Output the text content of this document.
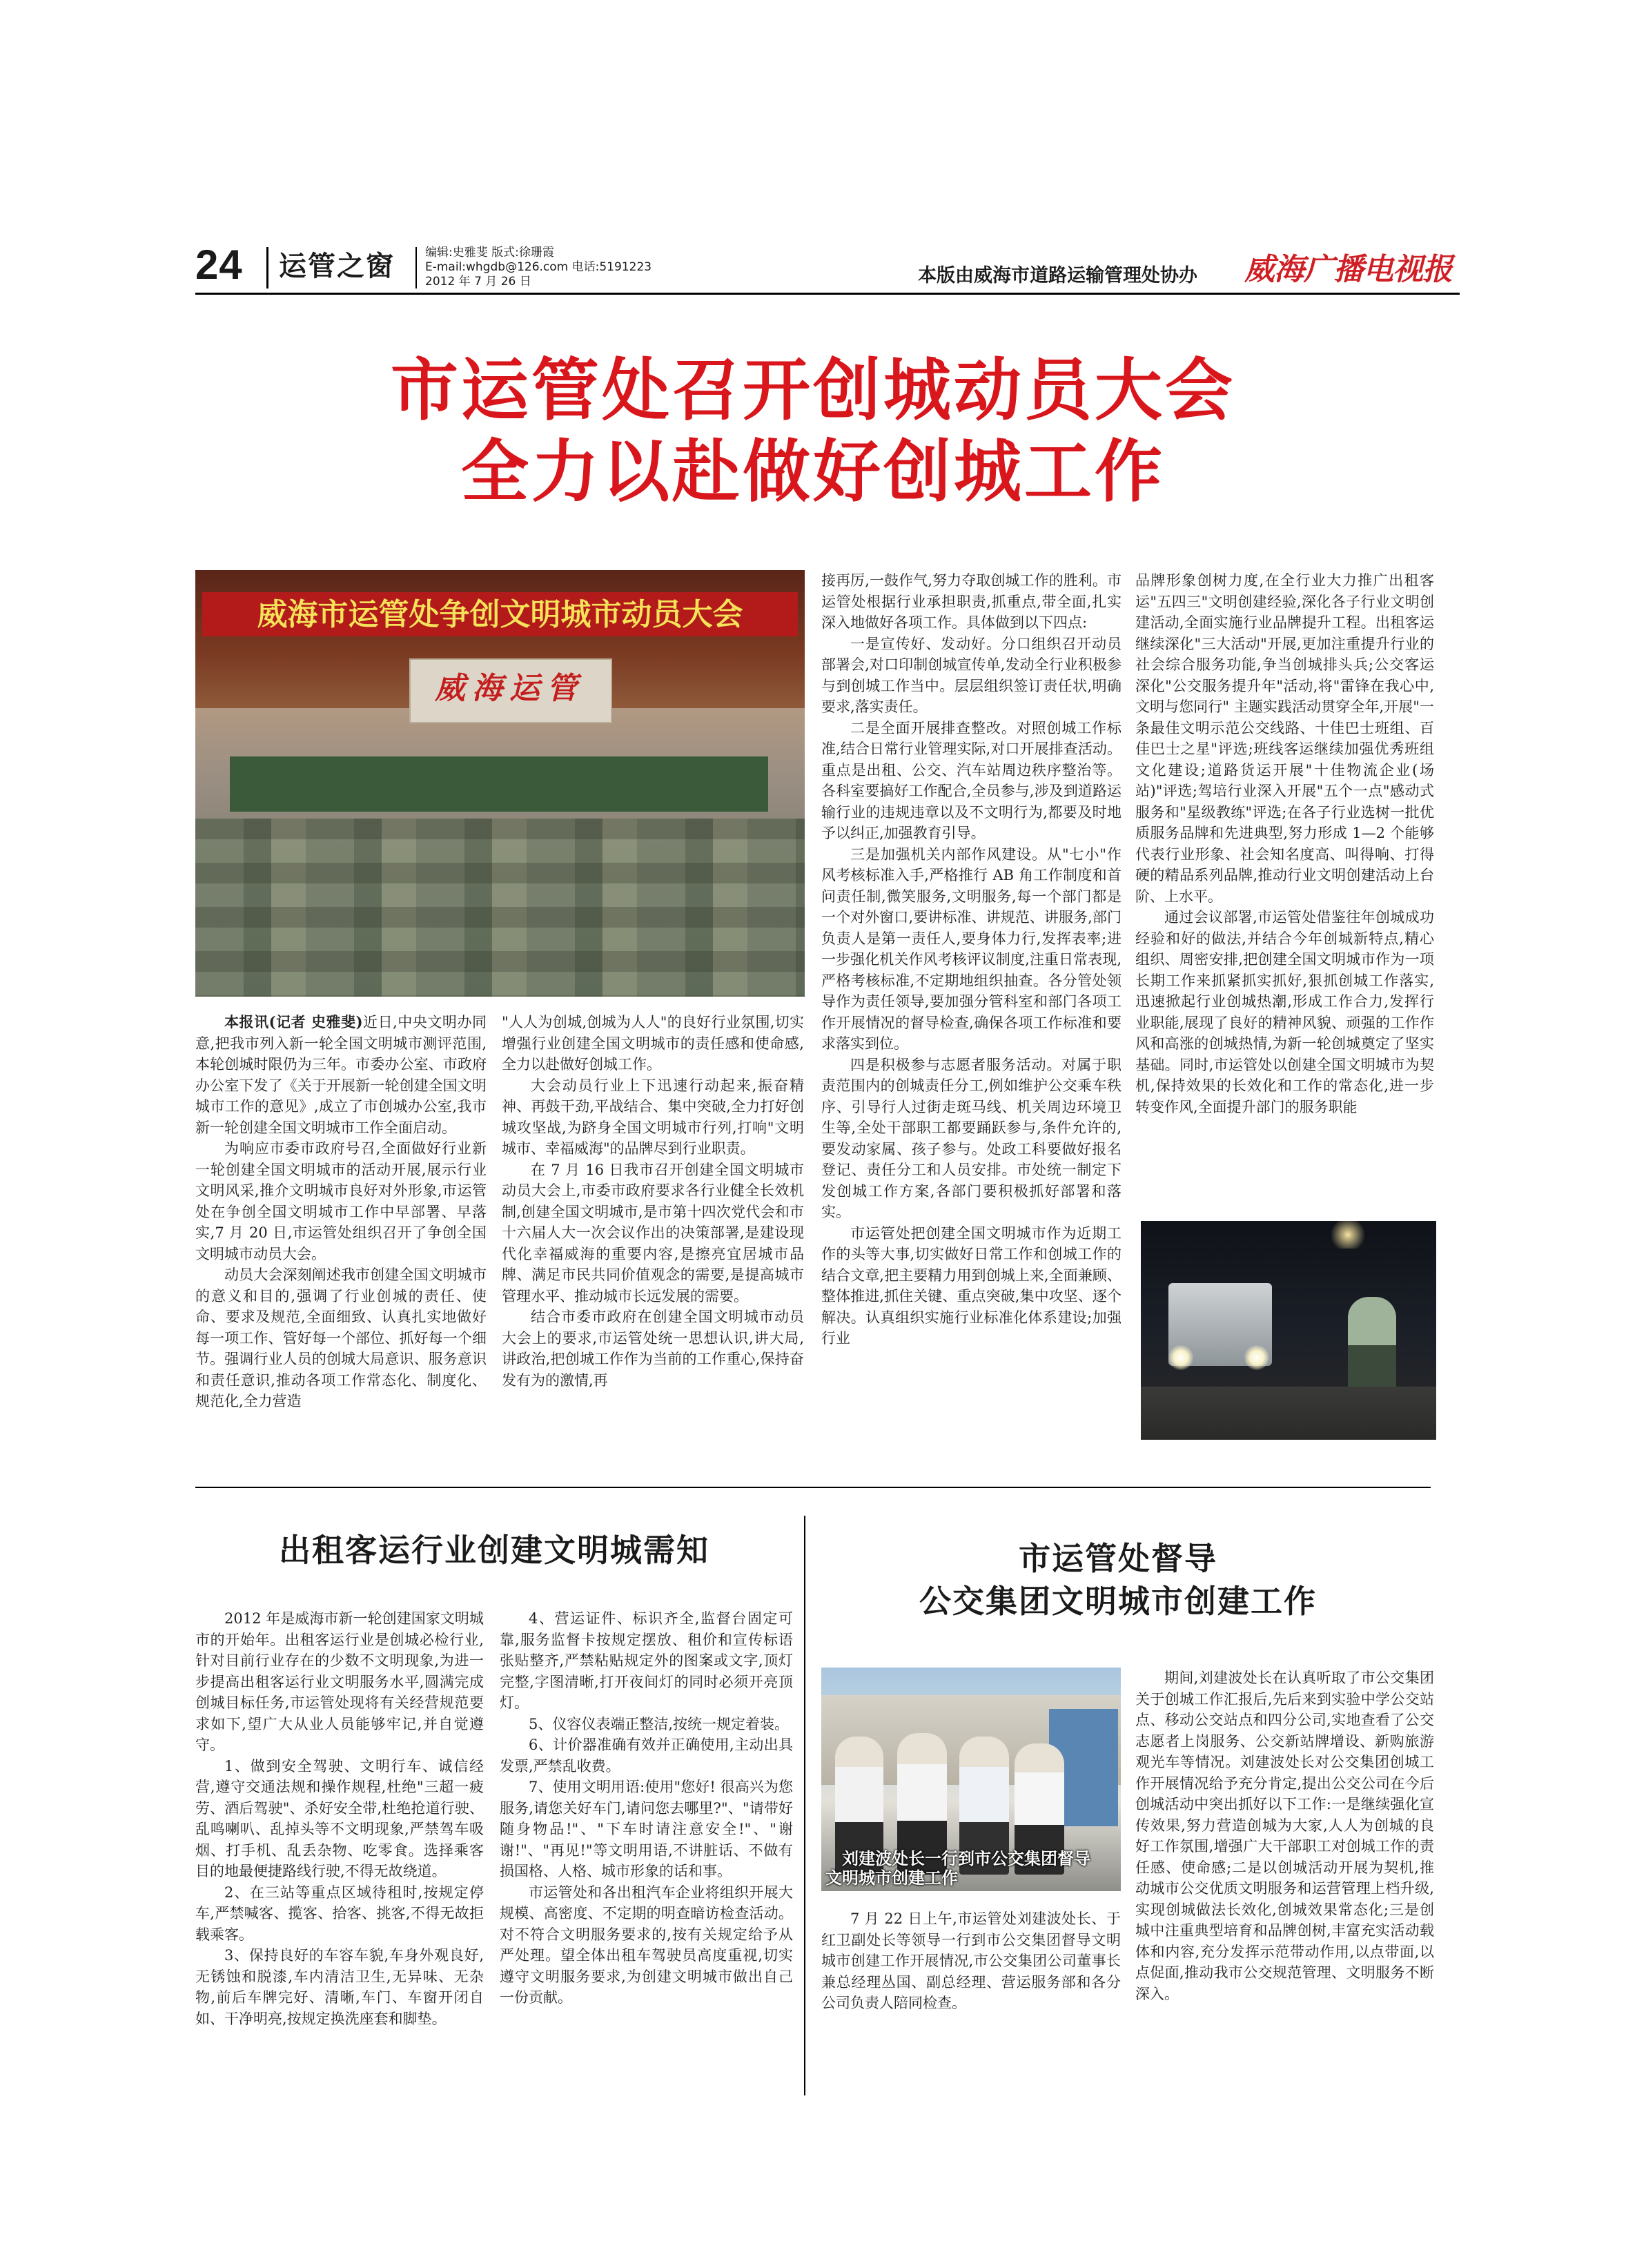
24 运管之窗	编辑:史雅斐 版式:徐珊霞
E-mail:whgdb@126.com 电话:5191223
2012 年 7 月 26 日	本版由威海市道路运输管理处协办 威海广播电视报
市运管处召开创城动员大会
全力以赴做好创城工作
威海市运管处争创文明城市动员大会
威海运管

本报讯(记者 史雅斐)近日,中央文明办同意,把我市列入新一轮全国文明城市测评范围,本轮创城时限仍为三年。市委办公室、市政府办公室下发了《关于开展新一轮创建全国文明城市工作的意见》,成立了市创城办公室,我市新一轮创建全国文明城市工作全面启动。

为响应市委市政府号召,全面做好行业新一轮创建全国文明城市的活动开展,展示行业文明风采,推介文明城市良好对外形象,市运管处在争创全国文明城市工作中早部署、早落实,7 月 20 日,市运管处组织召开了争创全国文明城市动员大会。

动员大会深刻阐述我市创建全国文明城市的意义和目的,强调了行业创城的责任、使命、要求及规范,全面细致、认真扎实地做好每一项工作、管好每一个部位、抓好每一个细节。强调行业人员的创城大局意识、服务意识和责任意识,推动各项工作常态化、制度化、规范化,全力营造

"人人为创城,创城为人人"的良好行业氛围,切实增强行业创建全国文明城市的责任感和使命感,全力以赴做好创城工作。

大会动员行业上下迅速行动起来,振奋精神、再鼓干劲,平战结合、集中突破,全力打好创城攻坚战,为跻身全国文明城市行列,打响"文明城市、幸福威海"的品牌尽到行业职责。

在 7 月 16 日我市召开创建全国文明城市动员大会上,市委市政府要求各行业健全长效机制,创建全国文明城市,是市第十四次党代会和市十六届人大一次会议作出的决策部署,是建设现代化幸福威海的重要内容,是擦亮宜居城市品牌、满足市民共同价值观念的需要,是提高城市管理水平、推动城市长远发展的需要。

结合市委市政府在创建全国文明城市动员大会上的要求,市运管处统一思想认识,讲大局,讲政治,把创城工作作为当前的工作重心,保持奋发有为的激情,再

接再厉,一鼓作气,努力夺取创城工作的胜利。市运管处根据行业承担职责,抓重点,带全面,扎实深入地做好各项工作。具体做到以下四点:

一是宣传好、发动好。分口组织召开动员部署会,对口印制创城宣传单,发动全行业积极参与到创城工作当中。层层组织签订责任状,明确要求,落实责任。

二是全面开展排查整改。对照创城工作标准,结合日常行业管理实际,对口开展排查活动。重点是出租、公交、汽车站周边秩序整治等。各科室要搞好工作配合,全员参与,涉及到道路运输行业的违规违章以及不文明行为,都要及时地予以纠正,加强教育引导。

三是加强机关内部作风建设。从"七小"作风考核标准入手,严格推行 AB 角工作制度和首问责任制,微笑服务,文明服务,每一个部门都是一个对外窗口,要讲标准、讲规范、讲服务,部门负责人是第一责任人,要身体力行,发挥表率;进一步强化机关作风考核评议制度,注重日常表现,严格考核标准,不定期地组织抽查。各分管处领导作为责任领导,要加强分管科室和部门各项工作开展情况的督导检查,确保各项工作标准和要求落实到位。

四是积极参与志愿者服务活动。对属于职责范围内的创城责任分工,例如维护公交乘车秩序、引导行人过街走斑马线、机关周边环境卫生等,全处干部职工都要踊跃参与,条件允许的,要发动家属、孩子参与。处政工科要做好报名登记、责任分工和人员安排。市处统一制定下发创城工作方案,各部门要积极抓好部署和落实。

市运管处把创建全国文明城市作为近期工作的头等大事,切实做好日常工作和创城工作的结合文章,把主要精力用到创城上来,全面兼顾、整体推进,抓住关键、重点突破,集中攻坚、逐个解决。认真组织实施行业标准化体系建设;加强行业

品牌形象创树力度,在全行业大力推广出租客运"五四三"文明创建经验,深化各子行业文明创建活动,全面实施行业品牌提升工程。出租客运继续深化"三大活动"开展,更加注重提升行业的社会综合服务功能,争当创城排头兵;公交客运深化"公交服务提升年"活动,将"雷锋在我心中,文明与您同行" 主题实践活动贯穿全年,开展"一条最佳文明示范公交线路、十佳巴士班组、百佳巴士之星"评选;班线客运继续加强优秀班组文化建设;道路货运开展"十佳物流企业(场站)"评选;驾培行业深入开展"五个一点"感动式服务和"星级教练"评选;在各子行业选树一批优质服务品牌和先进典型,努力形成 1—2 个能够代表行业形象、社会知名度高、叫得响、打得硬的精品系列品牌,推动行业文明创建活动上台阶、上水平。

通过会议部署,市运管处借鉴往年创城成功经验和好的做法,并结合今年创城新特点,精心组织、周密安排,把创建全国文明城市作为一项长期工作来抓紧抓实抓好,狠抓创城工作落实,迅速掀起行业创城热潮,形成工作合力,发挥行业职能,展现了良好的精神风貌、顽强的工作作风和高涨的创城热情,为新一轮创城奠定了坚实基础。同时,市运管处以创建全国文明城市为契机,保持效果的长效化和工作的常态化,进一步转变作风,全面提升部门的服务职能

出租客运行业创建文明城需知

2012 年是威海市新一轮创建国家文明城市的开始年。出租客运行业是创城必检行业,针对目前行业存在的少数不文明现象,为进一步提高出租客运行业文明服务水平,圆满完成创城目标任务,市运管处现将有关经营规范要求如下,望广大从业人员能够牢记,并自觉遵守。

1、做到安全驾驶、文明行车、诚信经营,遵守交通法规和操作规程,杜绝"三超一疲劳、酒后驾驶"、杀好安全带,杜绝抢道行驶、乱鸣喇叭、乱掉头等不文明现象,严禁驾车吸烟、打手机、乱丢杂物、吃零食。选择乘客目的地最便捷路线行驶,不得无故绕道。

2、在三站等重点区域待租时,按规定停车,严禁喊客、揽客、拾客、挑客,不得无故拒载乘客。

3、保持良好的车容车貌,车身外观良好,无锈蚀和脱漆,车内清洁卫生,无异味、无杂物,前后车牌完好、清晰,车门、车窗开闭自如、干净明亮,按规定换洗座套和脚垫。

4、营运证件、标识齐全,监督台固定可靠,服务监督卡按规定摆放、租价和宣传标语张贴整齐,严禁粘贴规定外的图案或文字,顶灯完整,字图清晰,打开夜间灯的同时必须开亮顶灯。

5、仪容仪表端正整洁,按统一规定着装。

6、计价器准确有效并正确使用,主动出具发票,严禁乱收费。

7、使用文明用语:使用"您好! 很高兴为您服务,请您关好车门,请问您去哪里?"、"请带好随身物品!"、"下车时请注意安全!"、"谢谢!"、"再见!"等文明用语,不讲脏话、不做有损国格、人格、城市形象的话和事。

市运管处和各出租汽车企业将组织开展大规模、高密度、不定期的明查暗访检查活动。对不符合文明服务要求的,按有关规定给予从严处理。望全体出租车驾驶员高度重视,切实遵守文明服务要求,为创建文明城市做出自己一份贡献。

市运管处督导
公交集团文明城市创建工作
刘建波处长一行到市公交集团督导
文明城市创建工作

7 月 22 日上午,市运管处刘建波处长、于红卫副处长等领导一行到市公交集团督导文明城市创建工作开展情况,市公交集团公司董事长兼总经理丛国、副总经理、营运服务部和各分公司负责人陪同检查。

期间,刘建波处长在认真听取了市公交集团关于创城工作汇报后,先后来到实验中学公交站点、移动公交站点和四分公司,实地查看了公交志愿者上岗服务、公交新站牌增设、新购旅游观光车等情况。刘建波处长对公交集团创城工作开展情况给予充分肯定,提出公交公司在今后创城活动中突出抓好以下工作:一是继续强化宣传效果,努力营造创城为大家,人人为创城的良好工作氛围,增强广大干部职工对创城工作的责任感、使命感;二是以创城活动开展为契机,推动城市公交优质文明服务和运营管理上档升级,实现创城做法长效化,创城效果常态化;三是创城中注重典型培育和品牌创树,丰富充实活动载体和内容,充分发挥示范带动作用,以点带面,以点促面,推动我市公交规范管理、文明服务不断深入。
